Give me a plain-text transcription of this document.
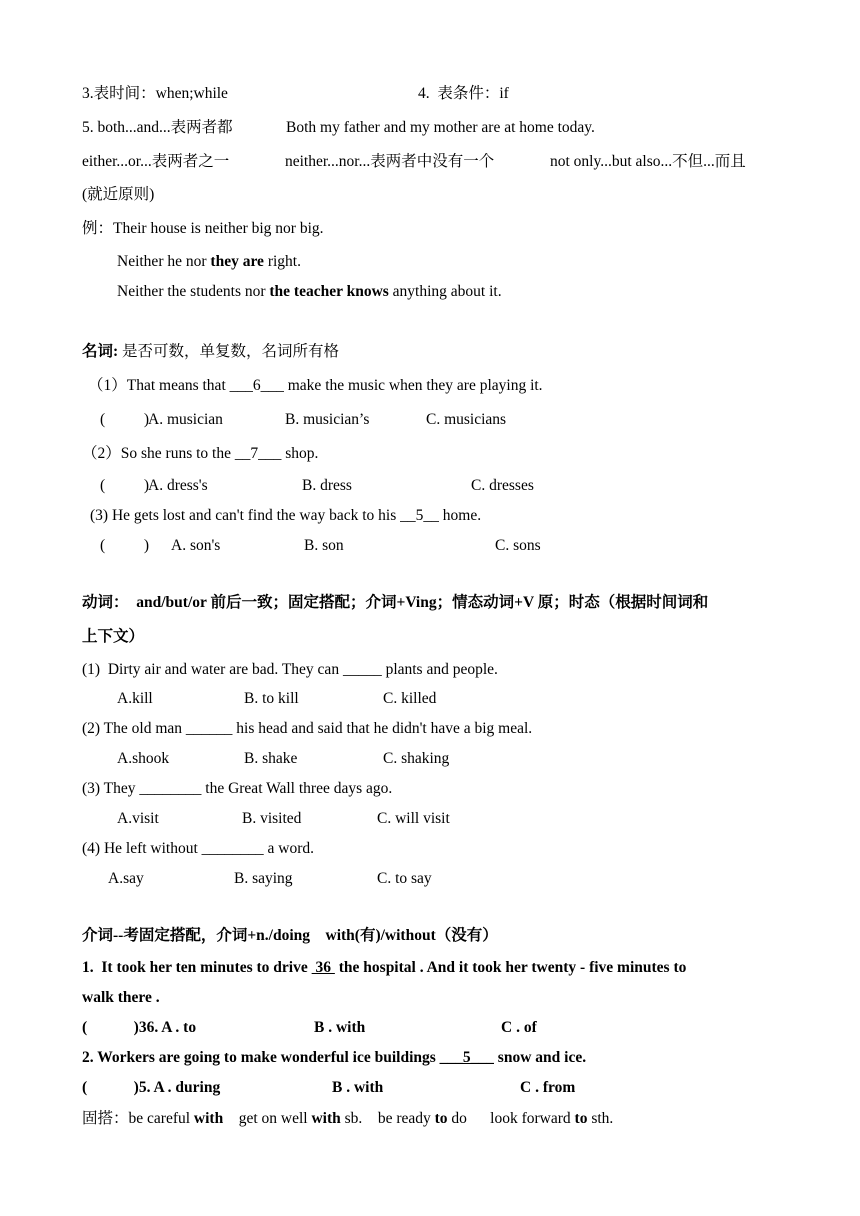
3.表时间：when;while	4.  表条件：if
5. both...and...表两者都	Both my father and my mother are at home today.
either...or...表两者之一	neither...nor...表两者中没有一个	not only...but also...不但...而且
(就近原则)
例：Their house is neither big nor big.
Neither he nor they are right.
Neither the students nor the teacher knows anything about it.
名词: 是否可数，单复数，名词所有格
（1）That means that ___6___ make the music when they are playing it.
(          )
A. musician	B. musician’s	C. musicians
（2）So she runs to the __7___ shop.
(          )
A. dress's	B. dress	C. dresses
(3) He gets lost and can't find the way back to his __5__ home.
(          ) A. son's	B. son	C. sons
动词：  and/but/or 前后一致；固定搭配；介词+Ving；情态动词+V 原；时态（根据时间词和
上下文）
(1)  Dirty air and water are bad. They can _____ plants and people.
A.kill	B. to kill	C. killed
(2) The old man ______ his head and said that he didn't have a big meal.
A.shook	B. shake	C. shaking
(3) They ________ the Great Wall three days ago.
A.visit	B. visited	C. will visit
(4) He left without ________ a word.
A.say	B. saying	C. to say
介词--考固定搭配，介词+n./doing    with(有)/without（没有）
1.  It took her ten minutes to drive  36  the hospital . And it took her twenty - five minutes to
walk there .
(            )36. A . to	B . with	C . of
2. Workers are going to make wonderful ice buildings ___5___ snow and ice.
(            )5. A . during	B . with	C . from
固搭：be careful with get on well with sb. be ready to do look forward to sth.
